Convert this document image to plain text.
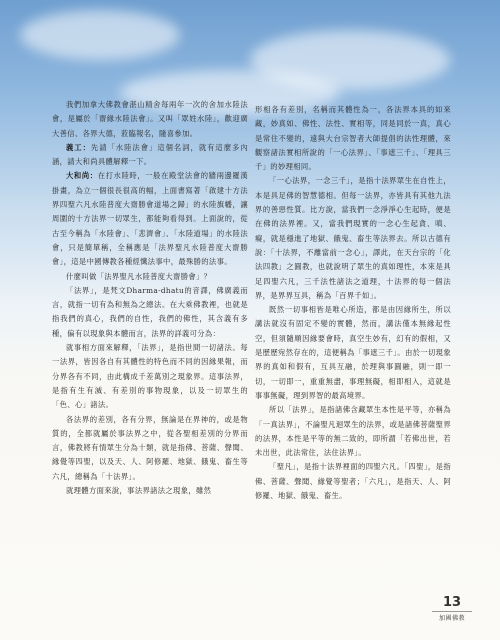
我們加拿大佛教會湛山精舍每兩年一次的舍加水陸法會，是屬於「齋緣水陸法會」。又叫「眾姓水陸」，歡迎廣大善信、各界大德，蒞臨報名，隨喜參加。

義工：先請「水陸法會」這個名詞，就有這麼多內涵，請大和尚具體解釋一下。

大和尚：在打水陸時，一般在殿堂法會的牆兩邊羅漢掛畫，為立一個很長很高的幅，上面書寫著「啟建十方法界四聖六凡水陸普度大齋勝會道場之歸」的水陸旗幡，讓周圍的十方法界一切眾生，都能夠看得到。上面說的，從古至今稱為「水陸會」、「悲濟會」、「水陸道場」的水陸法會，只是簡單稱，全稱應是「法界聖凡水陸普度大齋勝會」，這是中國傳教各種經懺法事中，最殊勝的法事。

什麼叫做「法界聖凡水陸普度大齋勝會」？

「法界」，是梵文Dharma-dhatu的音譯，佛廣義而言，就指一切有為和無為之總法。在大乘佛教裡，也就是指我們的真心，我們的自性，我們的佛性，其含義有多種，偏有以現象與本體而言，法界的詳義可分為：

就事相方面來解釋，「法界」，是指世間一切諸法。每一法界，皆因各自有其體性的特色而不同的因緣果報，而分界各有不同，由此構成千差萬別之現象界。這事法界，是指有生有滅、有差別的事物現象，以及一切眾生的「色、心」諸法。

各法界的差別，各有分界，無論是在界神的，或是物質的，全都就屬於事法界之中，從各聖相差別的分界而言，佛教將有情眾生分為十類，就是指佛、菩薩、聲聞、緣覺等四聖，以及天、人、阿修羅、地獄、餓鬼、畜生等六凡，總稱為「十法界」。

就理體方面來說，事法界諸法之現象，雖然

形相各有差別，名稱而其體性為一，各法界本具的如來藏，妙真如、佛性、法性、實相等，同是同於一真，真心是常住不變的，遠與大台宗智者大師提倡的法性理體，來觀察諸法實相所說的「一心法界」、「事遮三千」、「理具三千」的妙理相同。

「一心法界，一念三千」，是指十法界眾生在自性上，本是具足佛的智慧德相。但每一法界，亦皆具有其他九法界的善惡性質。比方說，當我們一念淨淨心生起時，便是在佛的法界裡。又，當我們現實的一念心生起貪、嗔、癡，就是穩進了地獄、餓鬼、畜生等法界去。所以古德有說：「十法界，不離當前一念心」，譯此，在天台宗的「化法四教」之圓教，也就說明了眾生的真如理性，本來是具足四聖六凡，三千法性諸法之道理，十法界的每一個法界，是界界互具，稱為「百界千如」。

既然一切事相皆是唯心所造，都是由因緣所生，所以講法就沒有固定不變的實體，然而，講法僅本無緣起性空，但須隨順因緣要會時，真空生妙有，幻有的假相，又是歷歷宛然存在的，這便稱為「事遮三千」。由於一切現象界的真如和假有，互具互融，於理與事圓融，則一即一切，一切即一，重重無盡，事理無礙，相即相入，這就是事事無礙，理到界智的最高境界。

所以「法界」，是指諸佛含藏眾生本性是平等，亦稱為「一真法界」，不論聖凡迴眾生的法界，或是諸佛菩薩聖界的法界，本性是平等的無二致的，即所謂「若佛出世，若未出世，此法常住，法住法界」。

「聖凡」，是指十法界裡面的四聖六凡。「四聖」，是指佛、菩薩、聲聞、緣覺等聖者；「六凡」，是指天、人、阿修羅、地獄、餓鬼、畜生。

13
加國佛教
